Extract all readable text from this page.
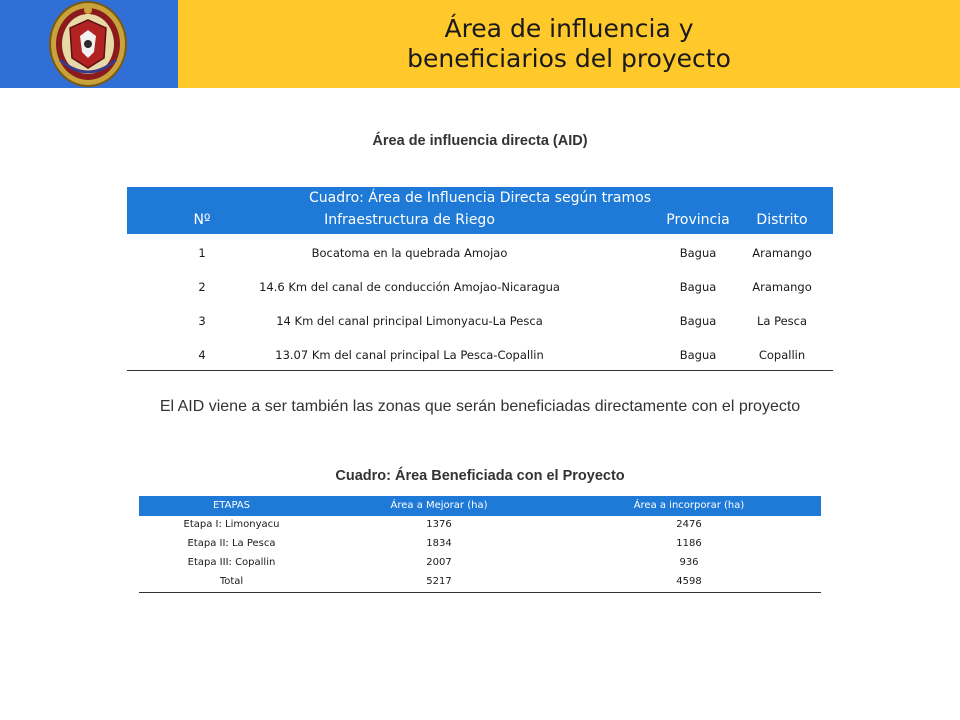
Área de influencia y
beneficiarios del proyecto
Área de influencia directa (AID)
Cuadro: Área de Influencia Directa según tramos
Nº	Infraestructura de Riego	Provincia	Distrito
1	Bocatoma en la quebrada Amojao	Bagua	Aramango
2	14.6 Km del canal de conducción Amojao-Nicaragua	Bagua	Aramango
3	14 Km del canal principal Limonyacu-La Pesca	Bagua	La Pesca
4	13.07 Km del canal principal La Pesca-Copallin	Bagua	Copallin
El AID viene a ser también las zonas que serán beneficiadas directamente con el proyecto
Cuadro: Área Beneficiada con el Proyecto
ETAPAS	Área a Mejorar (ha)	Área a incorporar (ha)
Etapa I: Limonyacu	1376	2476
Etapa II: La Pesca	1834	1186
Etapa III: Copallin	2007	936
Total	5217	4598
